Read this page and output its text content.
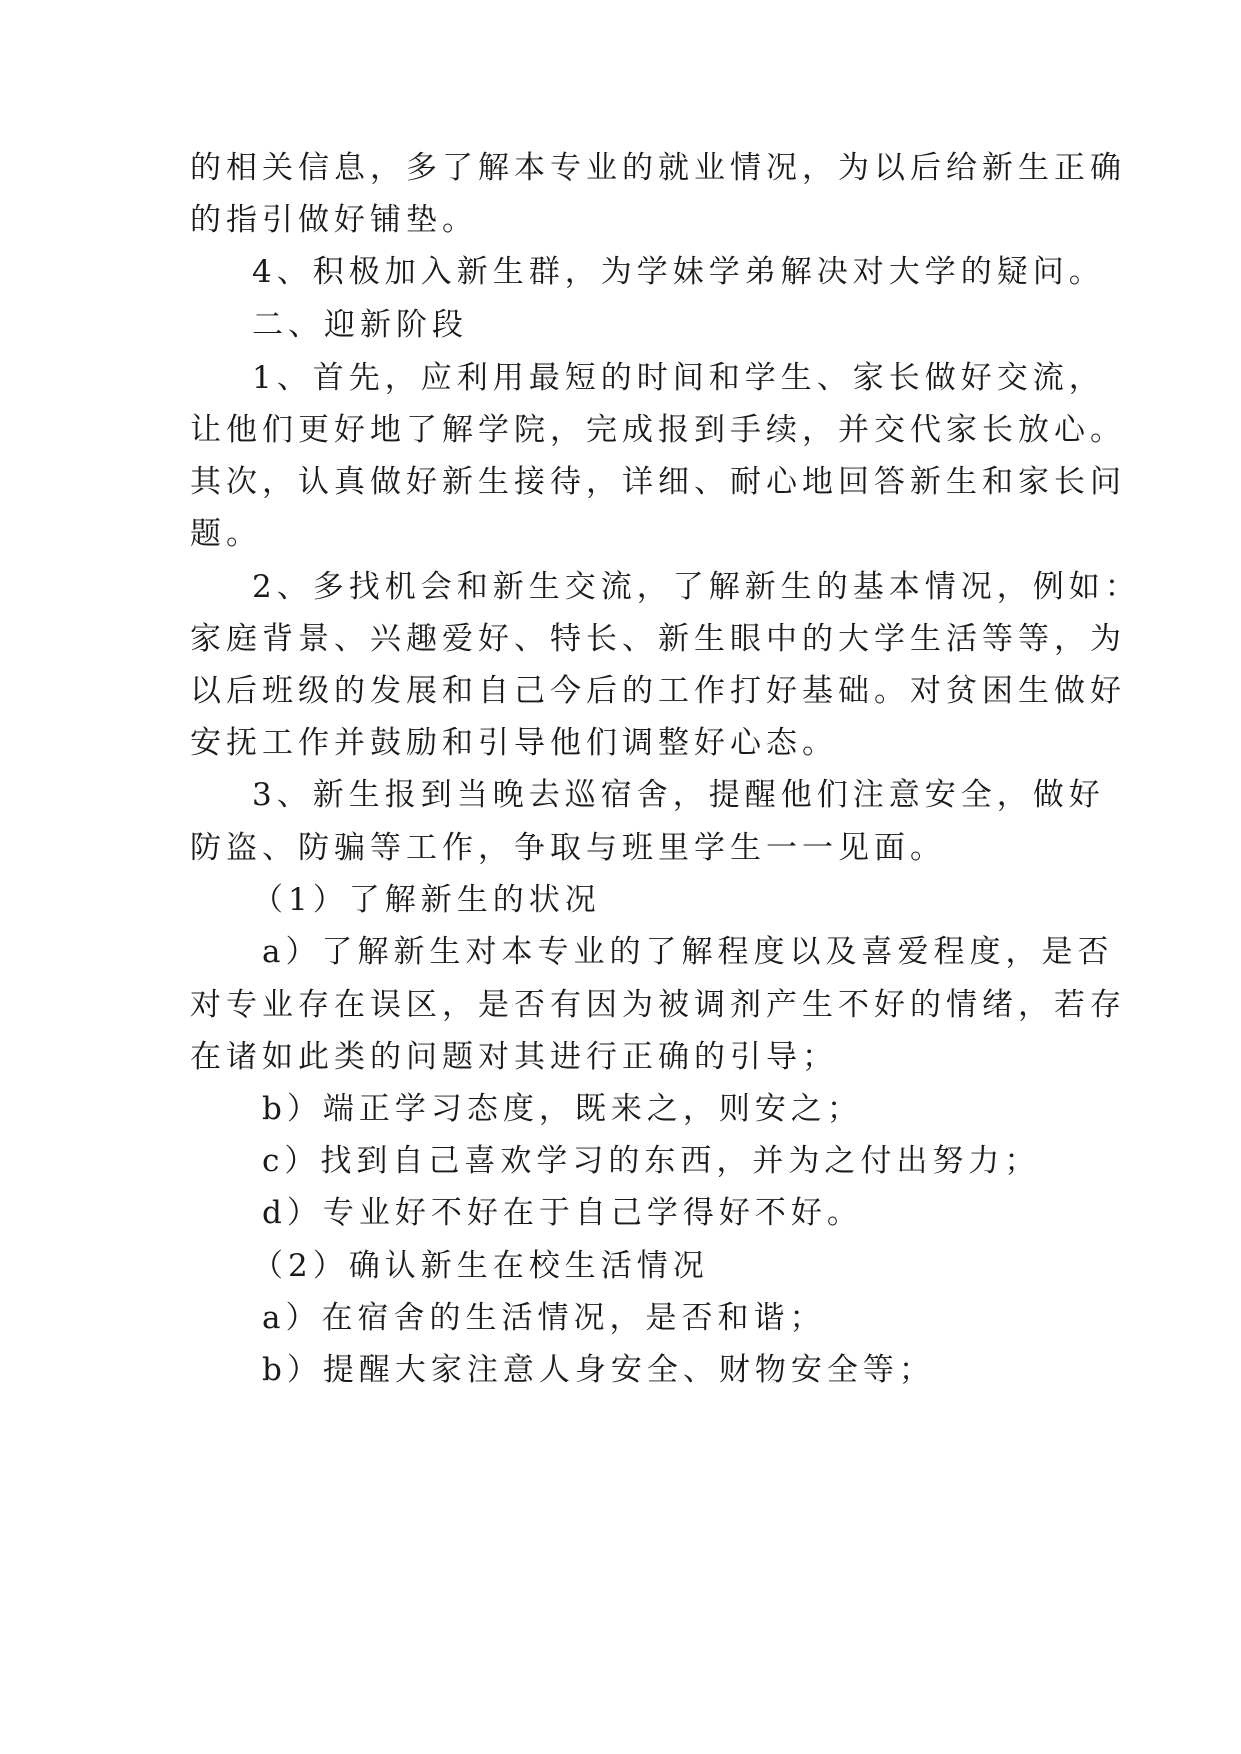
的相关信息，多了解本专业的就业情况，为以后给新生正确
的指引做好铺垫。
4、积极加入新生群，为学妹学弟解决对大学的疑问。
二、迎新阶段
1、首先，应利用最短的时间和学生、家长做好交流，
让他们更好地了解学院，完成报到手续，并交代家长放心。
其次，认真做好新生接待，详细、耐心地回答新生和家长问
题。
2、多找机会和新生交流，了解新生的基本情况，例如：
家庭背景、兴趣爱好、特长、新生眼中的大学生活等等，为
以后班级的发展和自己今后的工作打好基础。对贫困生做好
安抚工作并鼓励和引导他们调整好心态。
3、新生报到当晚去巡宿舍，提醒他们注意安全，做好
防盗、防骗等工作，争取与班里学生一一见面。
（1）了解新生的状况
a）了解新生对本专业的了解程度以及喜爱程度，是否
对专业存在误区，是否有因为被调剂产生不好的情绪，若存
在诸如此类的问题对其进行正确的引导；
b）端正学习态度，既来之，则安之；
c）找到自己喜欢学习的东西，并为之付出努力；
d）专业好不好在于自己学得好不好。
（2）确认新生在校生活情况
a）在宿舍的生活情况，是否和谐；
b）提醒大家注意人身安全、财物安全等；
